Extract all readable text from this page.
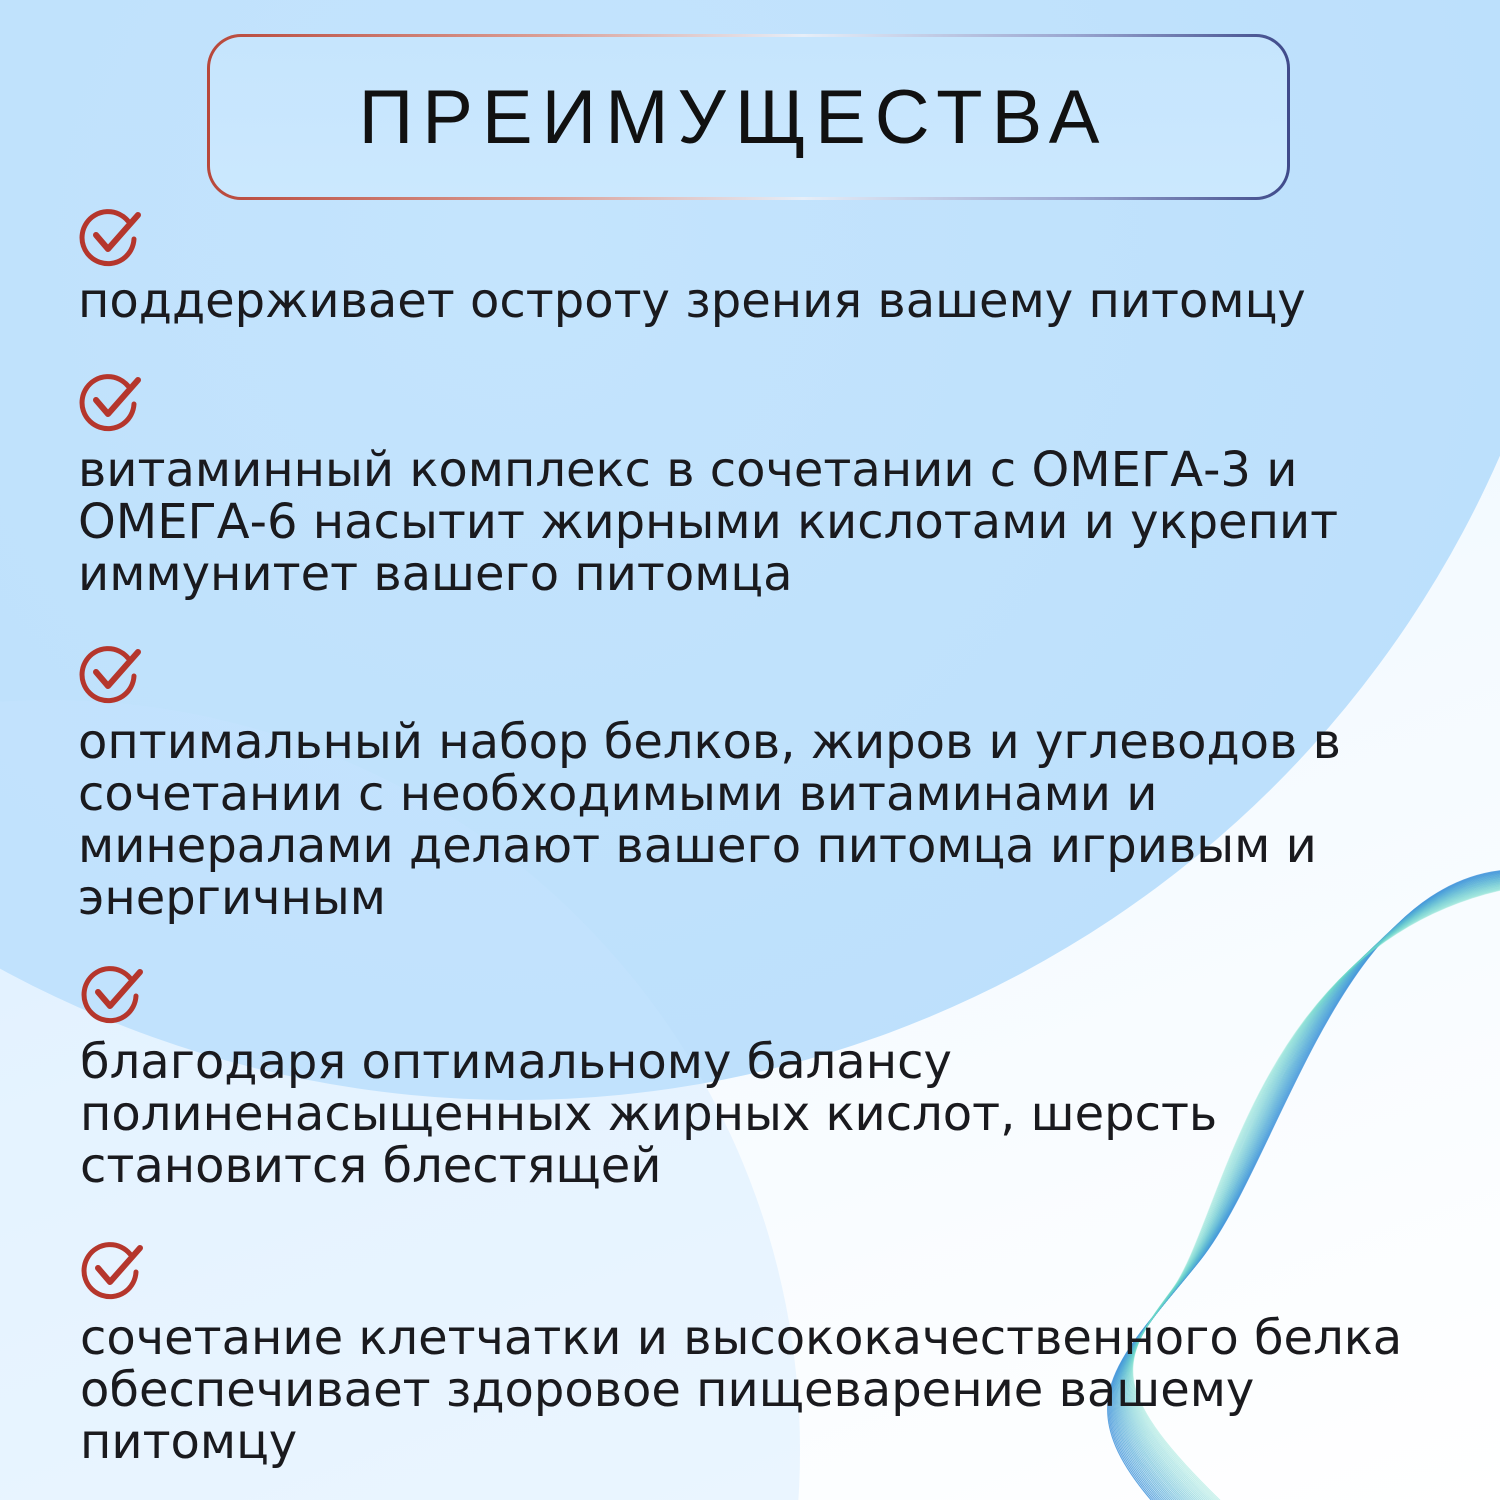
ПРЕИМУЩЕСТВА
поддерживает остроту зрения вашему питомцу
витаминный комплекс в сочетании с ОМЕГА-3 и
ОМЕГА-6 насытит жирными кислотами и укрепит
иммунитет вашего питомца
оптимальный набор белков, жиров и углеводов в
сочетании с необходимыми витаминами и
минералами делают вашего питомца игривым и
энергичным
благодаря оптимальному балансу
полиненасыщенных жирных кислот, шерсть
становится блестящей
сочетание клетчатки и высококачественного белка
обеспечивает здоровое пищеварение вашему
питомцу
